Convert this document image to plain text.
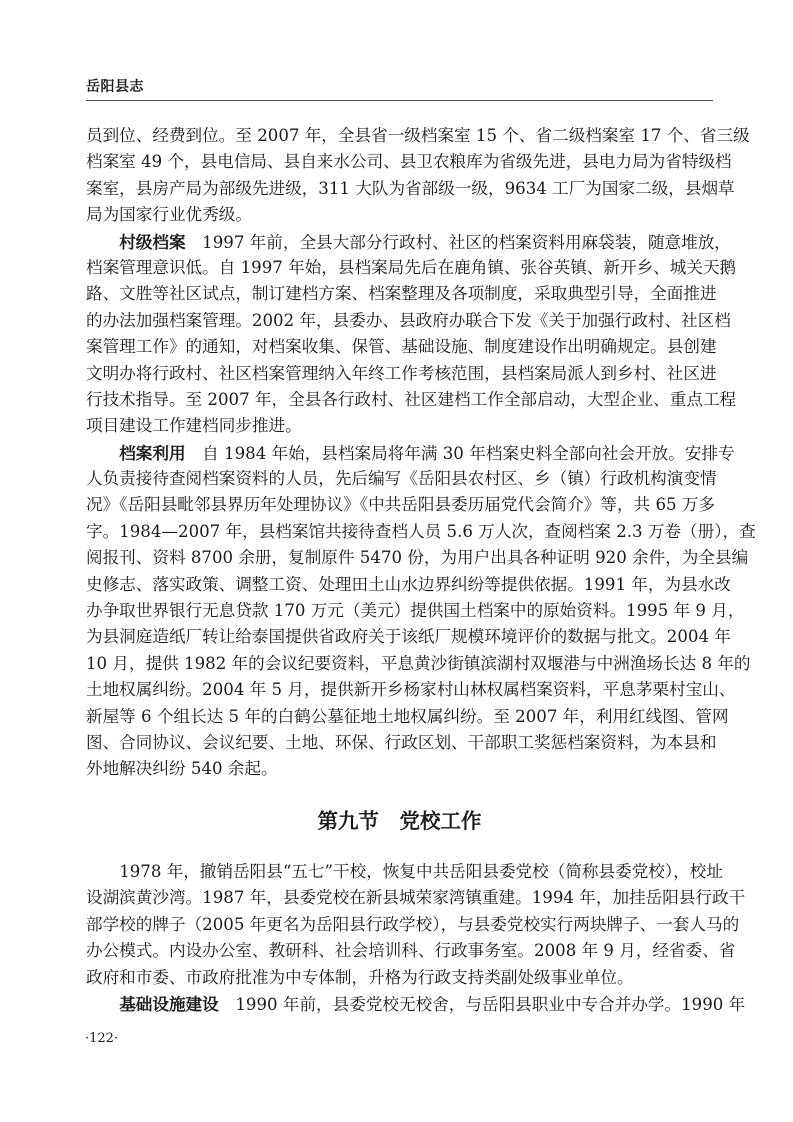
岳阳县志
员到位、经费到位。至 2007 年，全县省一级档案室 15 个、省二级档案室 17 个、省三级
档案室 49 个，县电信局、县自来水公司、县卫农粮库为省级先进，县电力局为省特级档
案室，县房产局为部级先进级，311 大队为省部级一级，9634 工厂为国家二级，县烟草
局为国家行业优秀级。
村级档案 1997 年前，全县大部分行政村、社区的档案资料用麻袋装，随意堆放，
档案管理意识低。自 1997 年始，县档案局先后在鹿角镇、张谷英镇、新开乡、城关天鹅
路、文胜等社区试点，制订建档方案、档案整理及各项制度，采取典型引导，全面推进
的办法加强档案管理。2002 年，县委办、县政府办联合下发《关于加强行政村、社区档
案管理工作》的通知，对档案收集、保管、基础设施、制度建设作出明确规定。县创建
文明办将行政村、社区档案管理纳入年终工作考核范围，县档案局派人到乡村、社区进
行技术指导。至 2007 年，全县各行政村、社区建档工作全部启动，大型企业、重点工程
项目建设工作建档同步推进。
档案利用 自 1984 年始，县档案局将年满 30 年档案史料全部向社会开放。安排专
人负责接待查阅档案资料的人员，先后编写《岳阳县农村区、乡（镇）行政机构演变情
况》《岳阳县毗邻县界历年处理协议》《中共岳阳县委历届党代会简介》等，共 65 万多
字。1984—2007 年，县档案馆共接待查档人员 5.6 万人次，查阅档案 2.3 万卷（册），查
阅报刊、资料 8700 余册，复制原件 5470 份，为用户出具各种证明 920 余件，为全县编
史修志、落实政策、调整工资、处理田土山水边界纠纷等提供依据。1991 年，为县水改
办争取世界银行无息贷款 170 万元（美元）提供国土档案中的原始资料。1995 年 9 月，
为县洞庭造纸厂转让给泰国提供省政府关于该纸厂规模环境评价的数据与批文。2004 年
10 月，提供 1982 年的会议纪要资料，平息黄沙街镇滨湖村双堰港与中洲渔场长达 8 年的
土地权属纠纷。2004 年 5 月，提供新开乡杨家村山林权属档案资料，平息茅栗村宝山、
新屋等 6 个组长达 5 年的白鹤公墓征地土地权属纠纷。至 2007 年，利用红线图、管网
图、合同协议、会议纪要、土地、环保、行政区划、干部职工奖惩档案资料，为本县和
外地解决纠纷 540 余起。
第九节　党校工作
1978 年，撤销岳阳县“五七”干校，恢复中共岳阳县委党校（简称县委党校），校址
设湖滨黄沙湾。1987 年，县委党校在新县城荣家湾镇重建。1994 年，加挂岳阳县行政干
部学校的牌子（2005 年更名为岳阳县行政学校），与县委党校实行两块牌子、一套人马的
办公模式。内设办公室、教研科、社会培训科、行政事务室。2008 年 9 月，经省委、省
政府和市委、市政府批准为中专体制，升格为行政支持类副处级事业单位。
基础设施建设 1990 年前，县委党校无校舍，与岳阳县职业中专合并办学。1990 年
·122·
